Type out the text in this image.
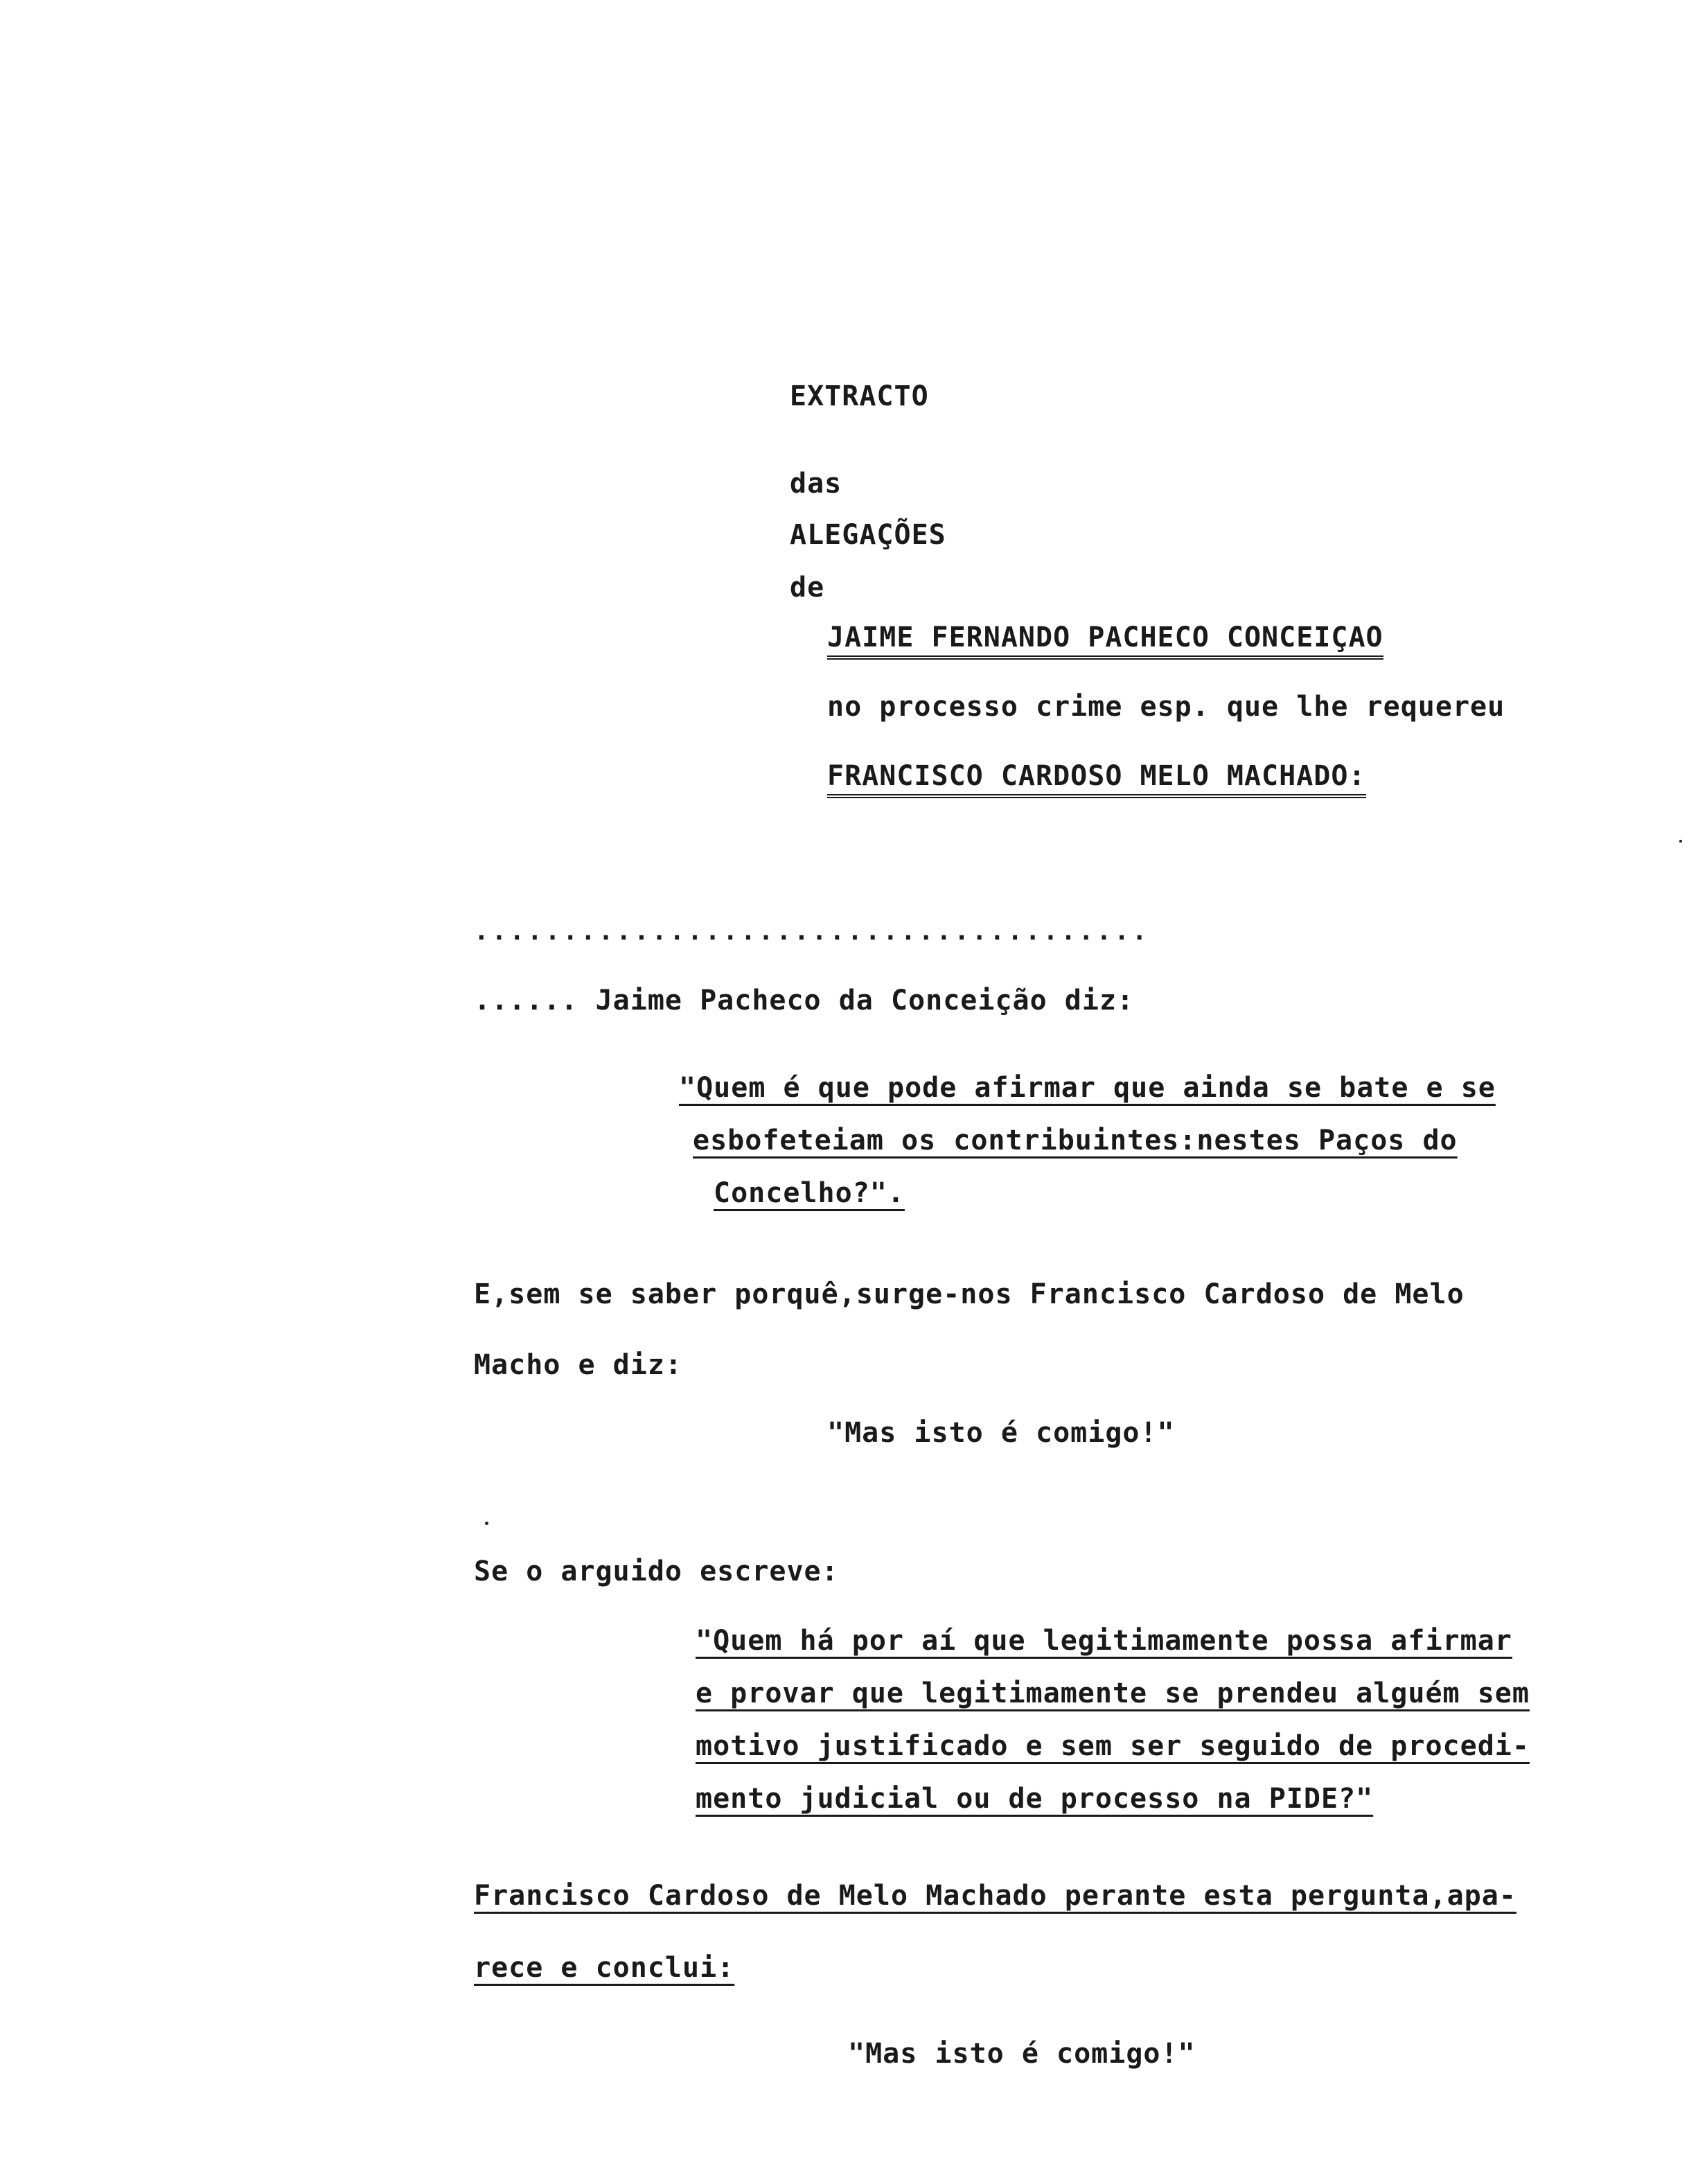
EXTRACTO
das
ALEGAÇÕES
de
JAIME FERNANDO PACHECO CONCEIÇAO
no processo crime esp. que lhe requereu
FRANCISCO CARDOSO MELO MACHADO:
......................................
...... Jaime Pacheco da Conceição diz:
"Quem é que pode afirmar que ainda se bate e se
esbofeteiam os contribuintes:nestes Paços do
Concelho?".
E,sem se saber porquê,surge-nos Francisco Cardoso de Melo
Macho e diz:
"Mas isto é comigo!"
Se o arguido escreve:
"Quem há por aí que legitimamente possa afirmar
e provar que legitimamente se prendeu alguém sem
motivo justificado e sem ser seguido de procedi-
mento judicial ou de processo na PIDE?"
Francisco Cardoso de Melo Machado perante esta pergunta,apa-
rece e conclui:
"Mas isto é comigo!"
